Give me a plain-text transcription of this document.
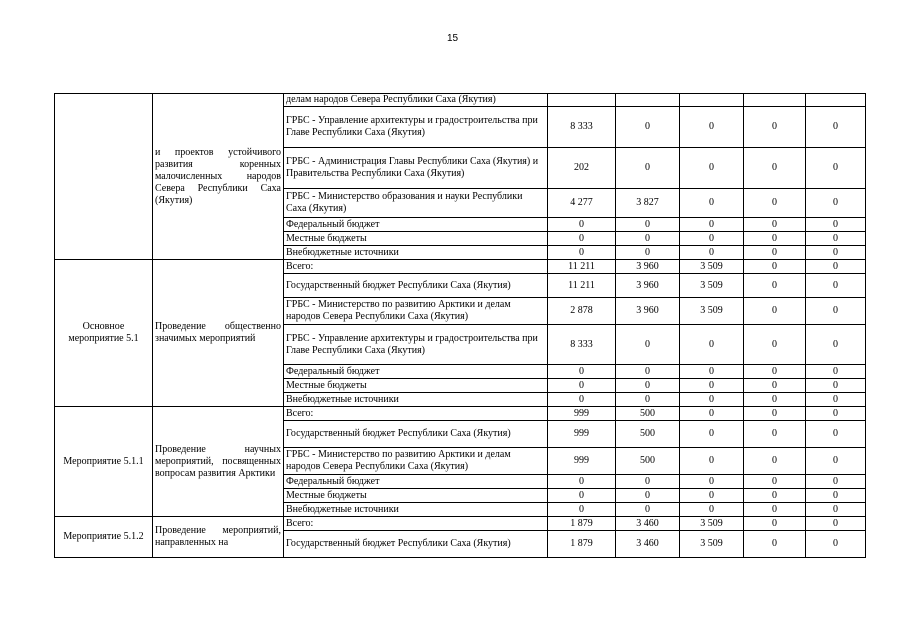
15
	и проектов устойчивого развития коренных малочисленных народов Севера Республики Саха (Якутия)	делам народов Севера Республики Саха (Якутия)					
		ГРБС - Управление архитектуры и градостроительства при Главе Республики Саха (Якутия)	8 333	0	0	0	0
		ГРБС - Администрация Главы Республики Саха (Якутия) и Правительства Республики Саха (Якутия)	202	0	0	0	0
		ГРБС - Министерство образования и науки Республики Саха (Якутия)	4 277	3 827	0	0	0
		Федеральный бюджет	0	0	0	0	0
		Местные бюджеты	0	0	0	0	0
		Внебюджетные источники	0	0	0	0	0
Основное мероприятие 5.1	Проведение общественно значимых мероприятий	Всего:	11 211	3 960	3 509	0	0
		Государственный бюджет Республики Саха (Якутия)	11 211	3 960	3 509	0	0
		ГРБС - Министерство по развитию Арктики и делам народов Севера Республики Саха (Якутия)	2 878	3 960	3 509	0	0
		ГРБС - Управление архитектуры и градостроительства при Главе Республики Саха (Якутия)	8 333	0	0	0	0
		Федеральный бюджет	0	0	0	0	0
		Местные бюджеты	0	0	0	0	0
		Внебюджетные источники	0	0	0	0	0
Мероприятие 5.1.1	Проведение научных мероприятий, посвященных вопросам развития Арктики	Всего:	999	500	0	0	0
		Государственный бюджет Республики Саха (Якутия)	999	500	0	0	0
		ГРБС - Министерство по развитию Арктики и делам народов Севера Республики Саха (Якутия)	999	500	0	0	0
		Федеральный бюджет	0	0	0	0	0
		Местные бюджеты	0	0	0	0	0
		Внебюджетные источники	0	0	0	0	0
Мероприятие 5.1.2	Проведение мероприятий, направленных на	Всего:	1 879	3 460	3 509	0	0
		Государственный бюджет Республики Саха (Якутия)	1 879	3 460	3 509	0	0
